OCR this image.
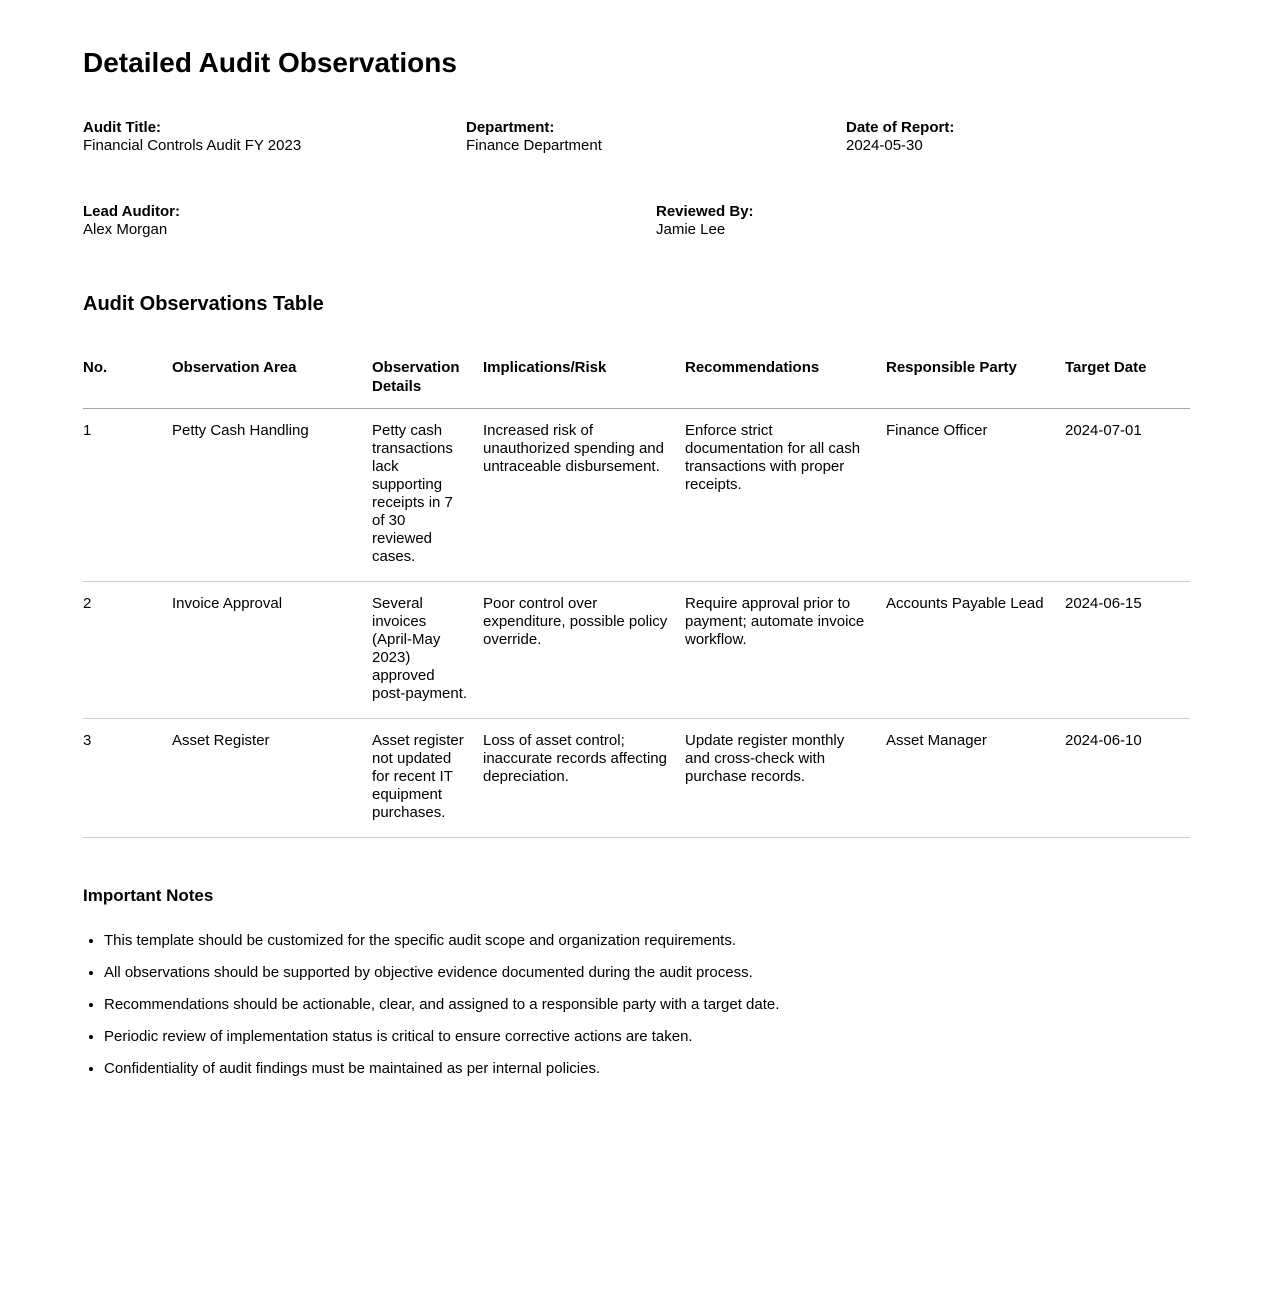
Detailed Audit Observations
Audit Title:
Financial Controls Audit FY 2023
Department:
Finance Department
Date of Report:
2024-05-30
Lead Auditor:
Alex Morgan
Reviewed By:
Jamie Lee
Audit Observations Table
No.	Observation Area	Observation Details	Implications/Risk	Recommendations	Responsible Party	Target Date
1	Petty Cash Handling	Petty cash transactions lack supporting receipts in 7 of 30 reviewed cases.	Increased risk of unauthorized spending and untraceable disbursement.	Enforce strict documentation for all cash transactions with proper receipts.	Finance Officer	2024-07-01
2	Invoice Approval	Several invoices (April-May 2023) approved post-payment.	Poor control over expenditure, possible policy override.	Require approval prior to payment; automate invoice workflow.	Accounts Payable Lead	2024-06-15
3	Asset Register	Asset register not updated for recent IT equipment purchases.	Loss of asset control; inaccurate records affecting depreciation.	Update register monthly and cross-check with purchase records.	Asset Manager	2024-06-10
Important Notes
• This template should be customized for the specific audit scope and organization requirements.
• All observations should be supported by objective evidence documented during the audit process.
• Recommendations should be actionable, clear, and assigned to a responsible party with a target date.
• Periodic review of implementation status is critical to ensure corrective actions are taken.
• Confidentiality of audit findings must be maintained as per internal policies.
